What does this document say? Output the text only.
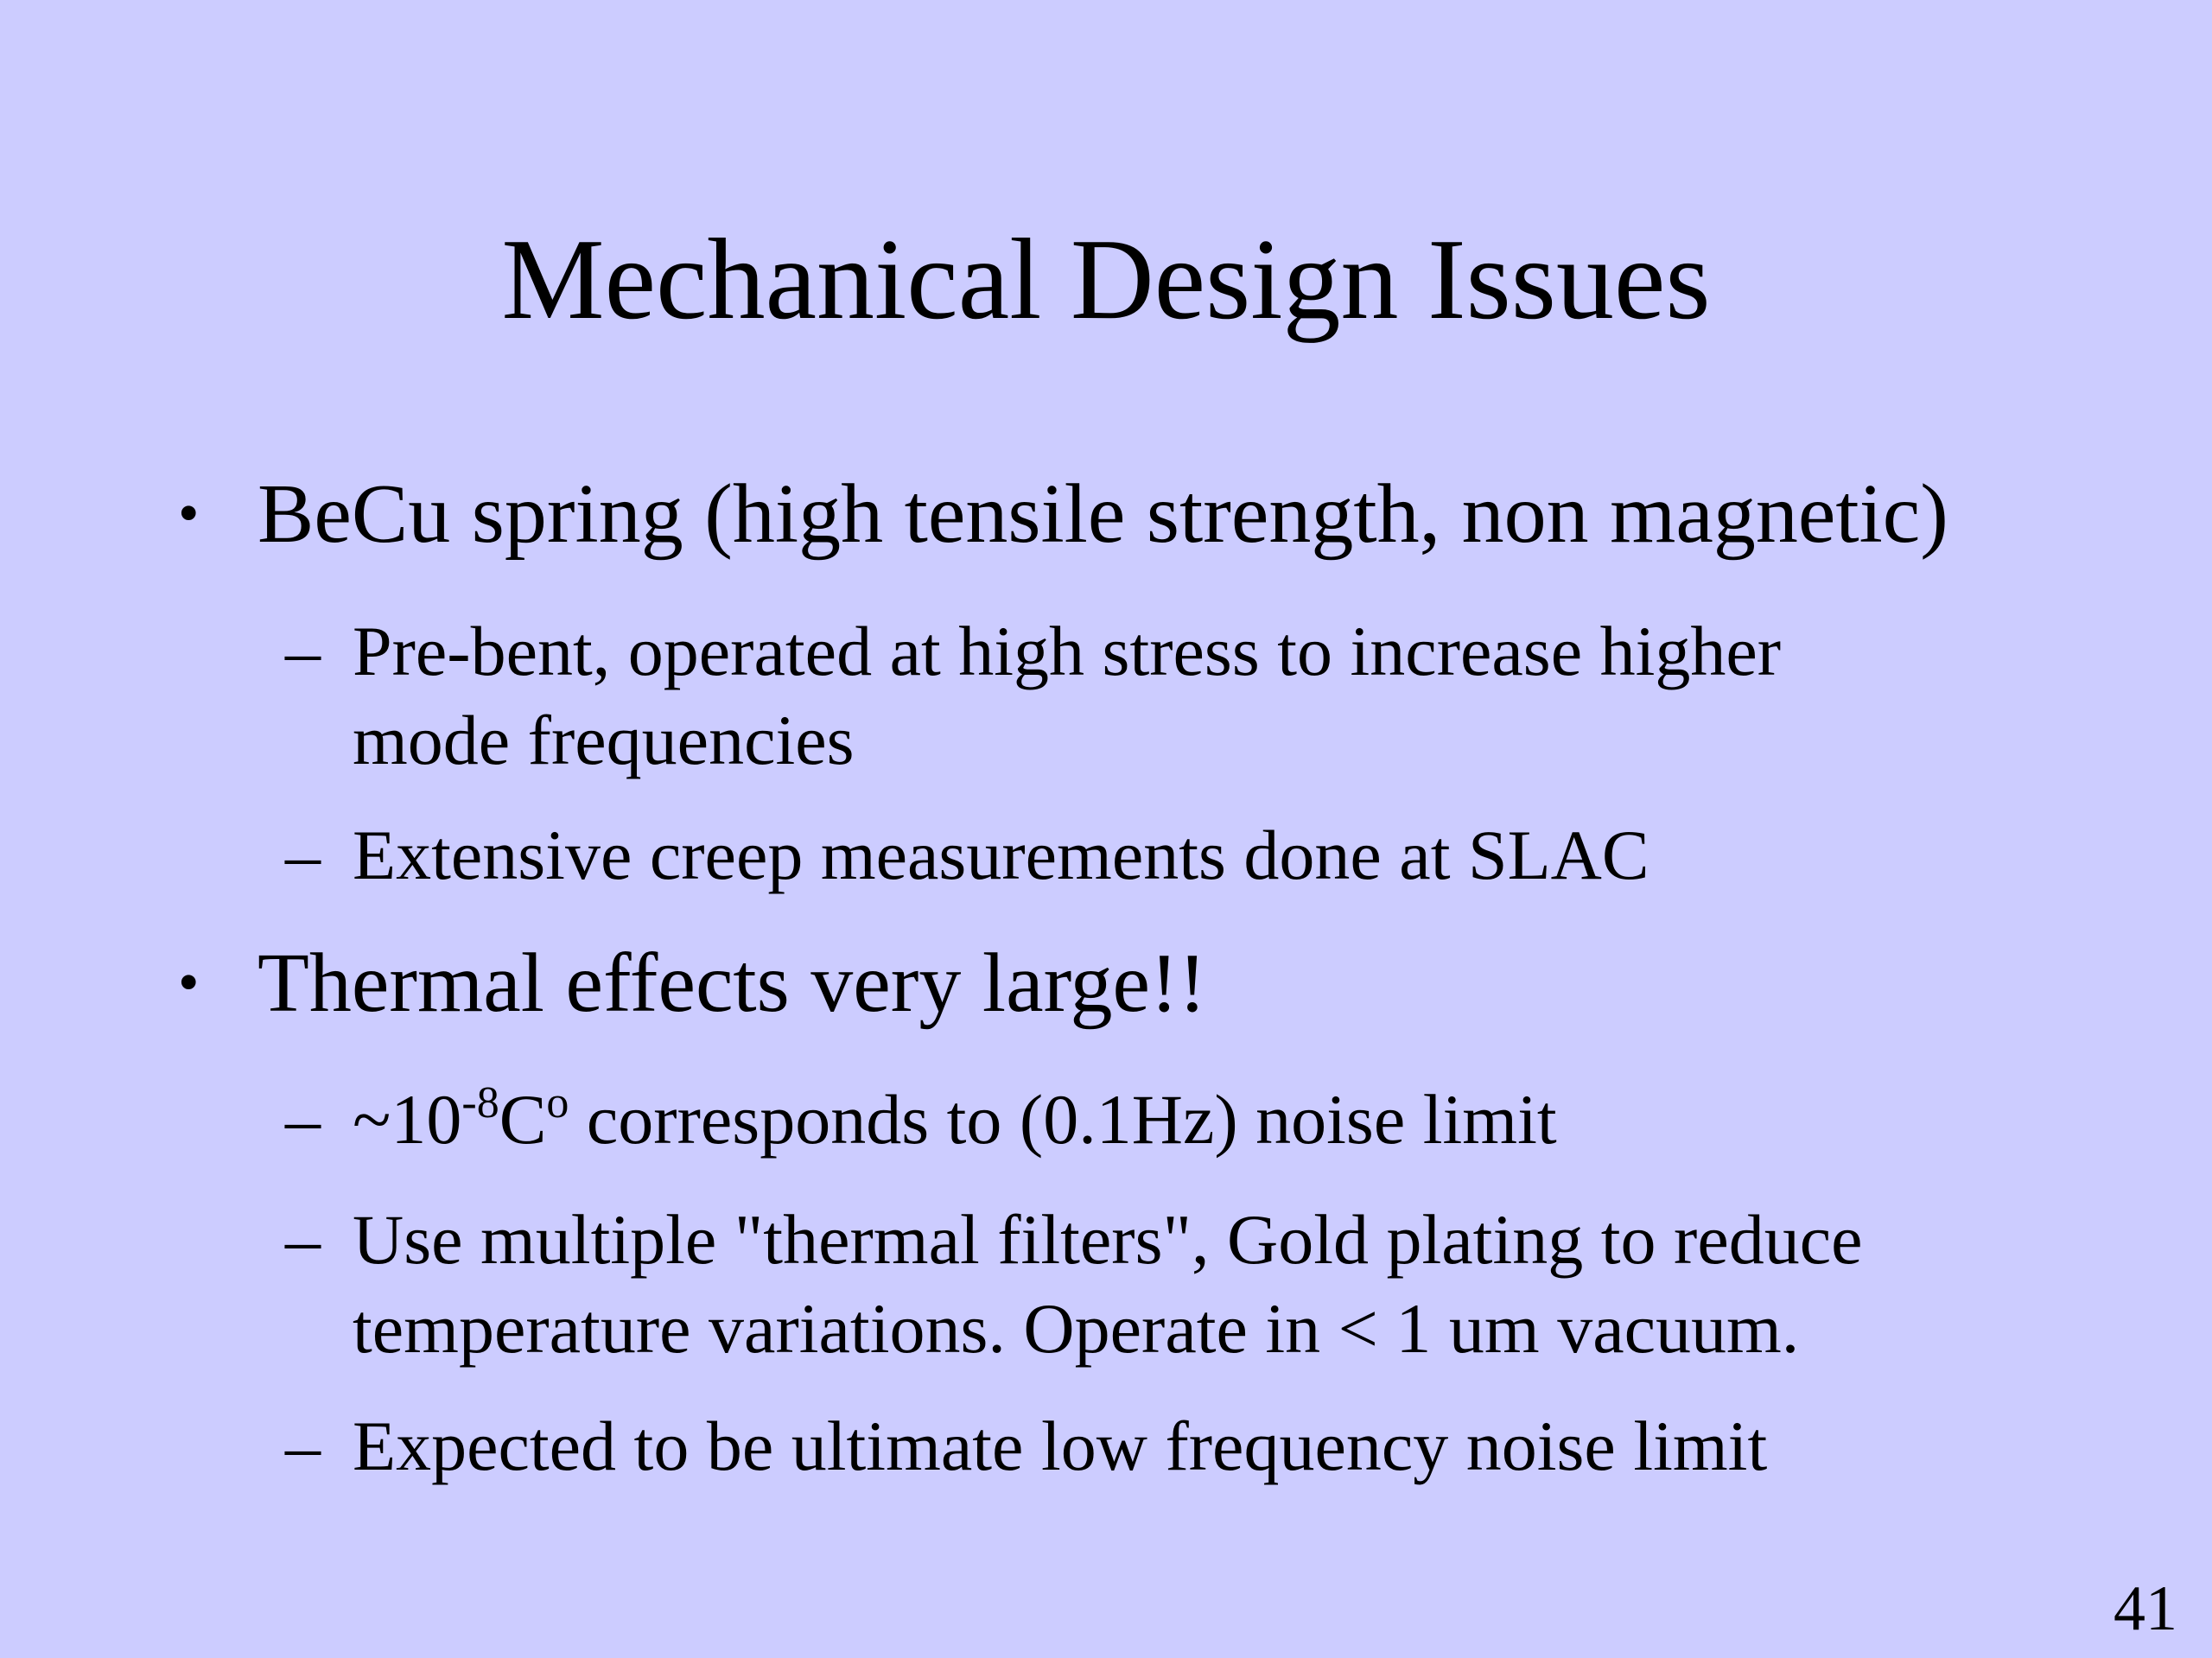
Mechanical Design Issues
• BeCu spring (high tensile strength, non magnetic)
– Pre-bent, operated at high stress to increase higher
mode frequencies
– Extensive creep measurements done at SLAC
• Thermal effects very large!!
– $\sim 10^{-8}C^o$ corresponds to (0.1Hz) noise limit
– Use multiple "thermal filters", Gold plating to reduce
temperature variations. Operate in < 1 um vacuum.
– Expected to be ultimate low frequency noise limit
41
